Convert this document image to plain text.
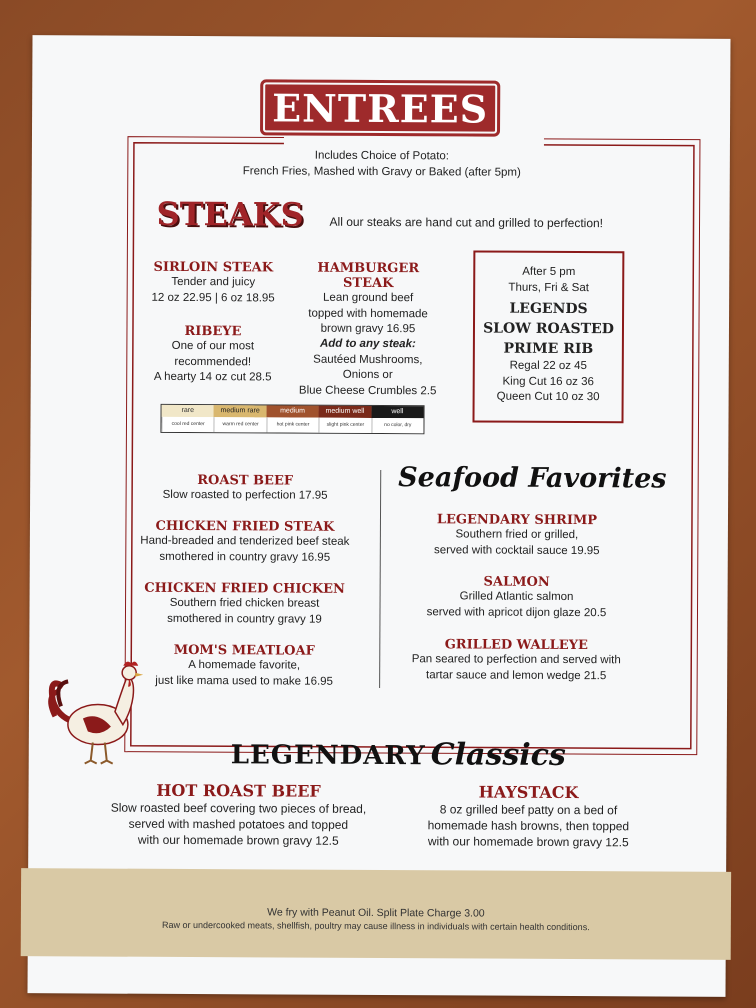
ENTREES
Includes Choice of Potato:
French Fries, Mashed with Gravy or Baked (after 5pm)
STEAKS All our steaks are hand cut and grilled to perfection!
SIRLOIN STEAK
Tender and juicy
12 oz 22.95 | 6 oz 18.95
RIBEYE
One of our most
recommended!
A hearty 14 oz cut 28.5
HAMBURGER STEAK
Lean ground beef
topped with homemade
brown gravy 16.95
Add to any steak:
Sautéed Mushrooms,
Onions or
Blue Cheese Crumbles 2.5
After 5 pm
Thurs, Fri & Sat
LEGENDS
SLOW ROASTED
PRIME RIB
Regal 22 oz 45
King Cut 16 oz 36
Queen Cut 10 oz 30
rare
cool red center
medium rare
warm red center
medium
hot pink center
medium well
slight pink center
well
no color, dry
ROAST BEEF
Slow roasted to perfection 17.95
CHICKEN FRIED STEAK
Hand-breaded and tenderized beef steak
smothered in country gravy 16.95
CHICKEN FRIED CHICKEN
Southern fried chicken breast
smothered in country gravy 19
MOM'S MEATLOAF
A homemade favorite,
just like mama used to make 16.95
Seafood Favorites
LEGENDARY SHRIMP
Southern fried or grilled,
served with cocktail sauce 19.95
SALMON
Grilled Atlantic salmon
served with apricot dijon glaze 20.5
GRILLED WALLEYE
Pan seared to perfection and served with
tartar sauce and lemon wedge 21.5
LEGENDARY Classics
HOT ROAST BEEF
Slow roasted beef covering two pieces of bread,
served with mashed potatoes and topped
with our homemade brown gravy 12.5
HAYSTACK
8 oz grilled beef patty on a bed of
homemade hash browns, then topped
with our homemade brown gravy 12.5
We fry with Peanut Oil. Split Plate Charge 3.00
Raw or undercooked meats, shellfish, poultry may cause illness in individuals with certain health conditions.
